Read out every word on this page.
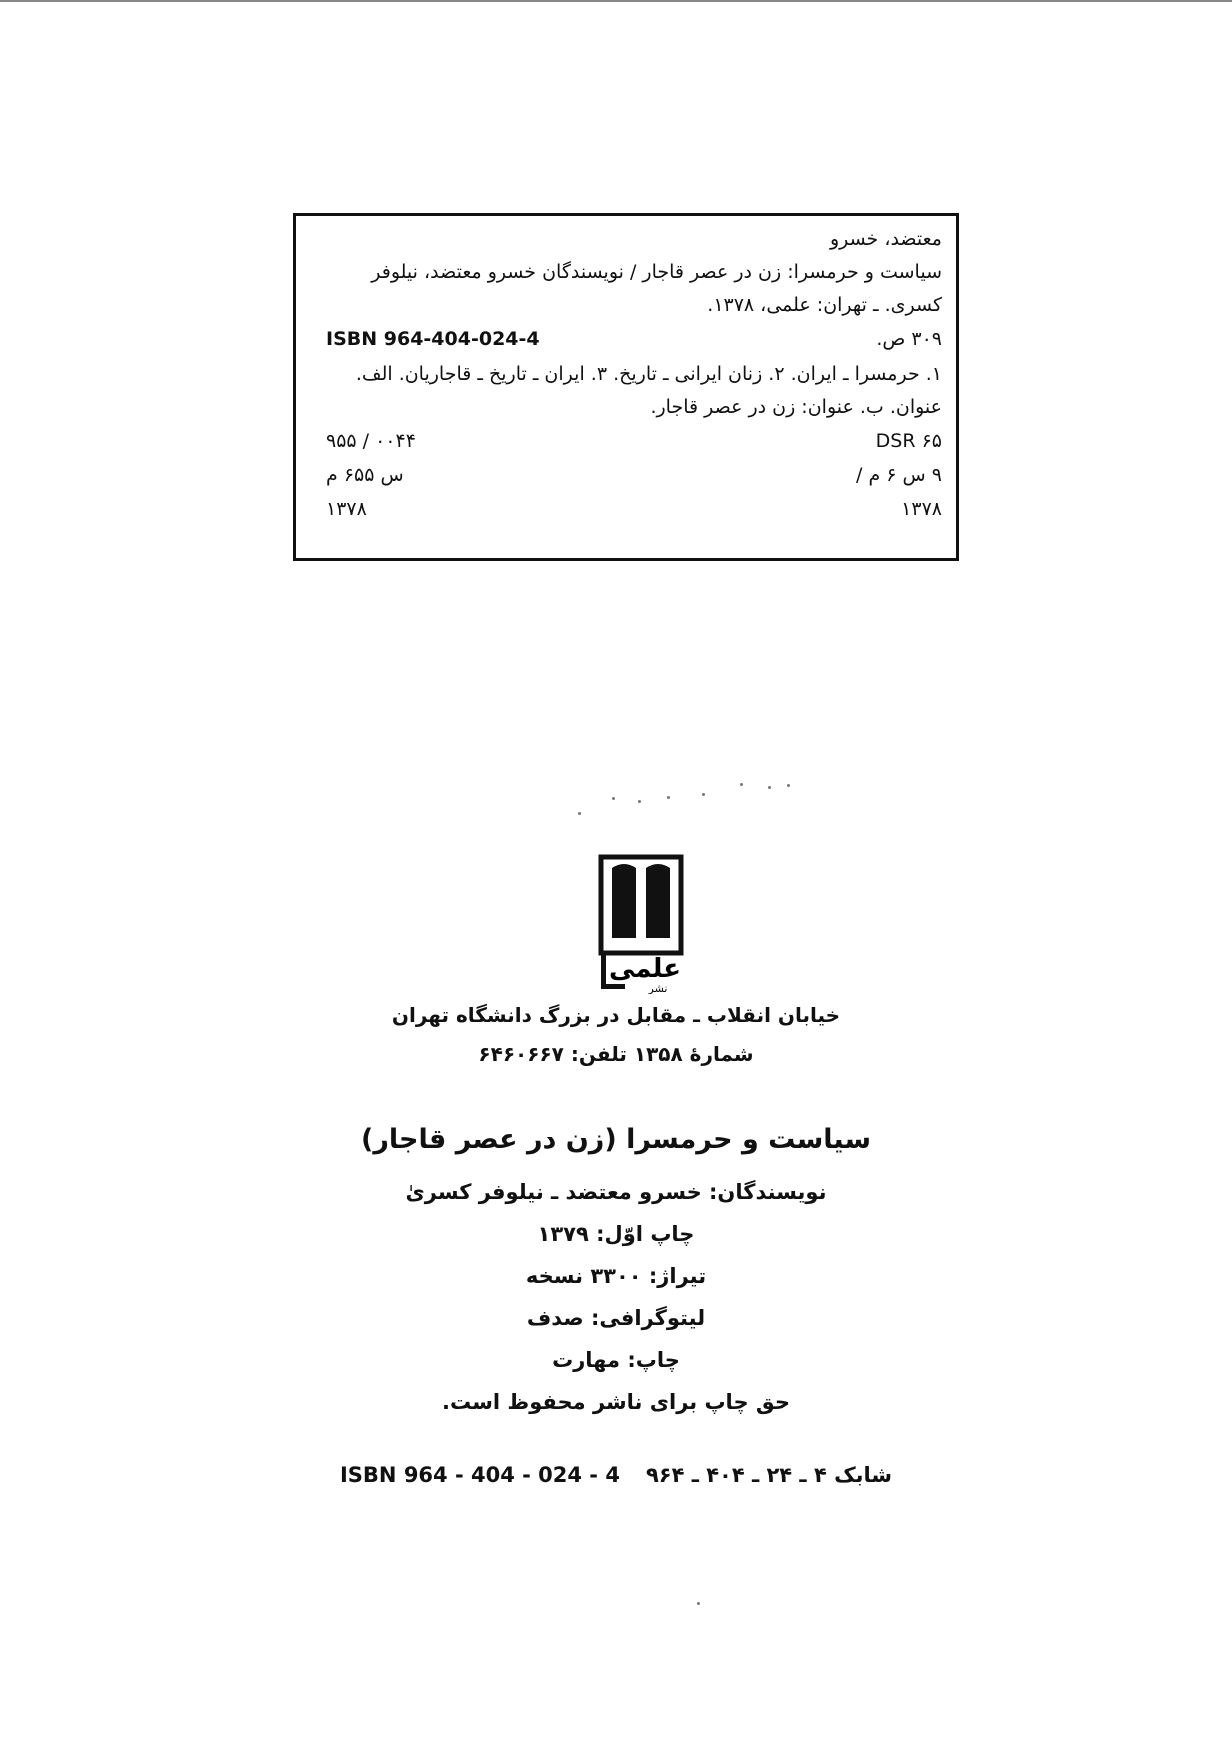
معتضد، خسرو
سیاست و حرمسرا: زن در عصر قاجار / نویسندگان خسرو معتضد، نیلوفر
کسری. ـ تهران: علمی، ۱۳۷۸.
۳۰۹ ص.
ISBN 964-404-024-4
۱. حرمسرا ـ ایران. ۲. زنان ایرانی ـ تاریخ. ۳. ایران ـ تاریخ ـ قاجاریان. الف.
عنوان. ب. عنوان: زن در عصر قاجار.
DSR ۶۵
۹۵۵ / ۰۰۴۴
۹ س ۶ م /
س ۶۵۵ م
۱۳۷۸
۱۳۷۸
علمی
نشر
خیابان انقلاب ـ مقابل در بزرگ دانشگاه تهران
شمارهٔ ۱۳۵۸ تلفن: ۶۴۶۰۶۶۷
سیاست و حرمسرا (زن در عصر قاجار)
نویسندگان: خسرو معتضد ـ نیلوفر کسریٰ
چاپ اوّل: ۱۳۷۹
تیراژ: ۳۳۰۰ نسخه
لیتوگرافی: صدف
چاپ: مهارت
حق چاپ برای ناشر محفوظ است.
ISBN 964 - 404 - 024 - 4 شابک ۴ ـ ۲۴ ـ ۴۰۴ ـ ۹۶۴
